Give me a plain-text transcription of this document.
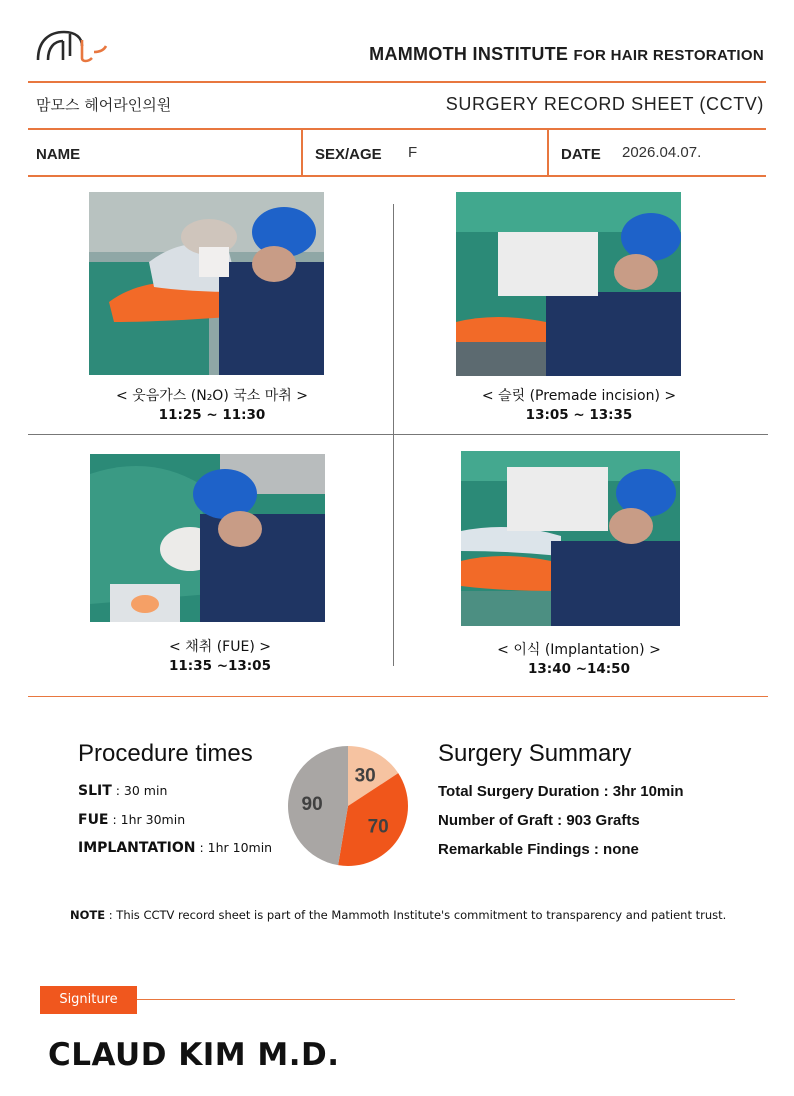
MAMMOTH INSTITUTE FOR HAIR RESTORATION
맘모스 헤어라인의원	SURGERY RECORD SHEET (CCTV)
NAME	SEX/AGE F	DATE 2026.04.07.
< 웃음가스 (N₂O) 국소 마취 >
11:25 ~ 11:30
< 슬릿 (Premade incision) >
13:05 ~ 13:35
< 채취 (FUE) >
11:35 ~13:05
< 이식 (Implantation) >
13:40 ~14:50
Procedure times
SLIT : 30 min
FUE : 1hr 30min
IMPLANTATION : 1hr 10min
30
70
90
Surgery Summary
Total Surgery Duration : 3hr 10min
Number of Graft : 903 Grafts
Remarkable Findings : none
NOTE : This CCTV record sheet is part of the Mammoth Institute's commitment to transparency and patient trust.
Signiture
CLAUD KIM M.D.
